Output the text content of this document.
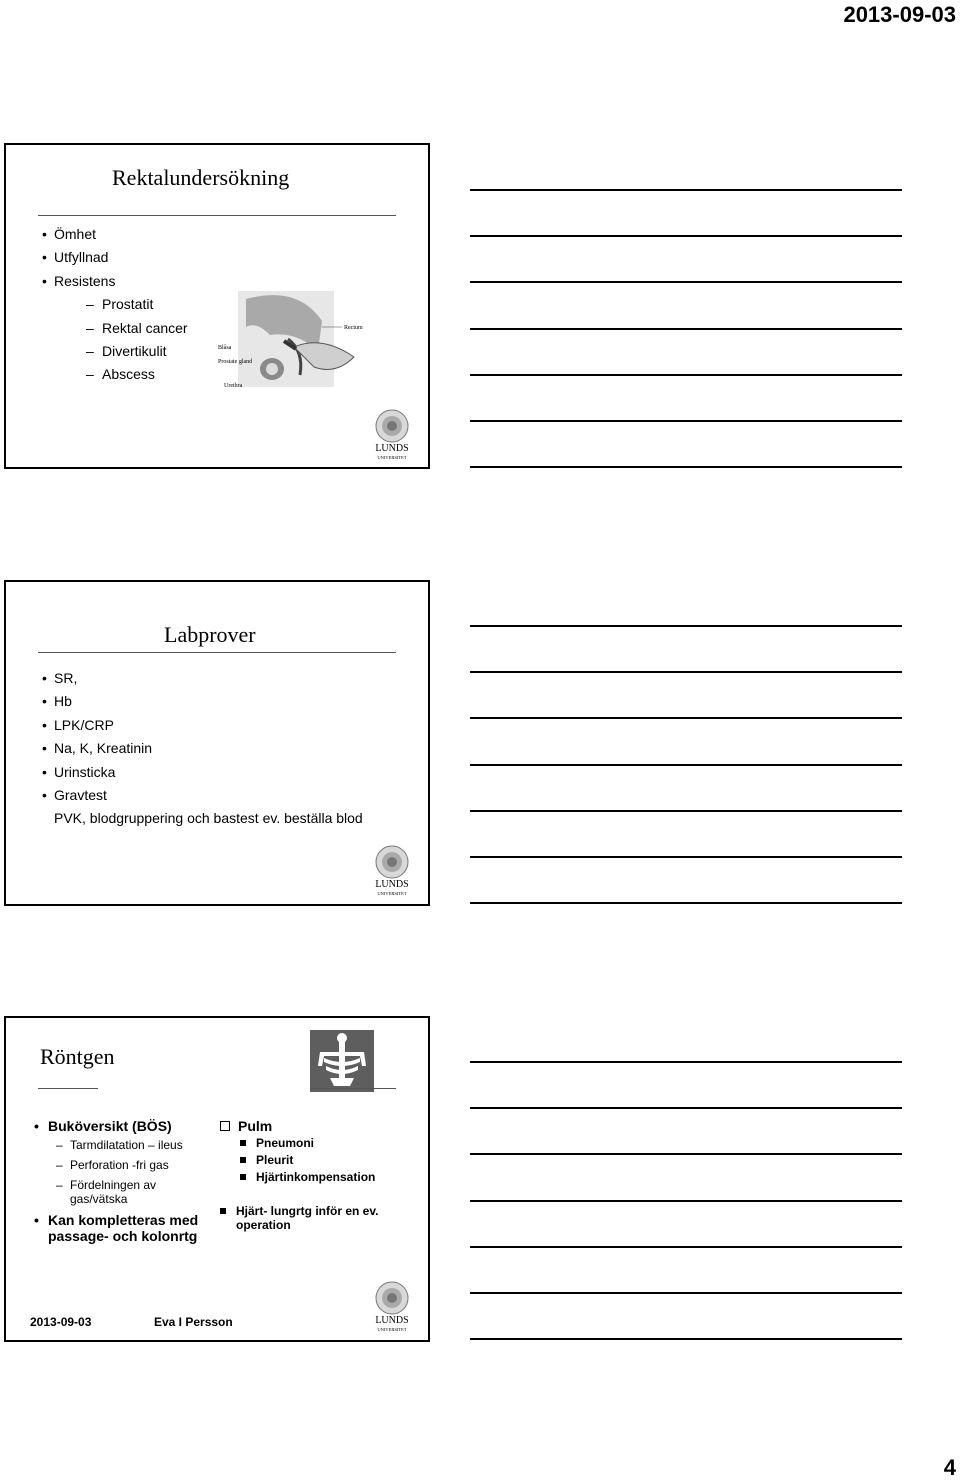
2013-09-03
Rektalundersökning
• Ömhet
• Utfyllnad
• Resistens
– Prostatit
– Rektal cancer
– Divertikulit
– Abscess
Rectum
Blåsa
Prostate gland
Urethra
LUNDS
UNIVERSITET
Labprover
• SR,
• Hb
• LPK/CRP
• Na, K, Kreatinin
• Urinsticka
• Gravtest
PVK, blodgruppering och bastest ev. beställa blod
LUNDS
UNIVERSITET
Röntgen
• Buköversikt (BÖS)
– Tarmdilatation – ileus
– Perforation -fri gas
– Fördelningen av gas/vätska
• Kan kompletteras med passage- och kolonrtg
Pulm
Pneumoni
Pleurit
Hjärtinkompensation
Hjärt- lungrtg inför en ev. operation
2013-09-03	Eva I Persson	LUNDS
UNIVERSITET
4
